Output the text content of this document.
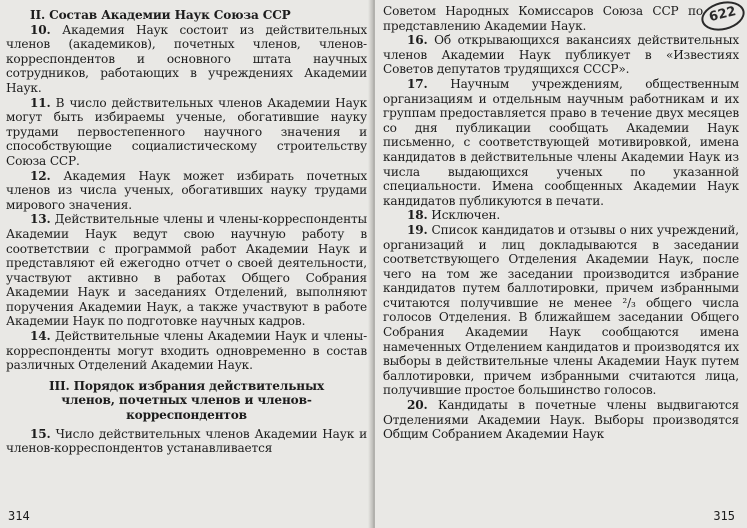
II. Состав Академии Наук Союза ССР

10. Академия Наук состоит из действительных членов (академиков), почетных членов, членов-корреспондентов и основного штата научных сотрудников, работающих в учреждениях Академии Наук.

11. В число действительных членов Академии Наук могут быть избираемы ученые, обогатившие науку трудами первостепенного научного значения и способствующие социалистическому строительству Союза ССР.

12. Академия Наук может избирать почетных членов из числа ученых, обогативших науку трудами мирового значения.

13. Действительные члены и члены-корреспонденты Академии Наук ведут свою научную работу в соответствии с программой работ Академии Наук и представляют ей ежегодно отчет о своей деятельности, участвуют активно в работах Общего Собрания Академии Наук и заседаниях Отделений, выполняют поручения Академии Наук, а также участвуют в работе Академии Наук по подготовке научных кадров.

14. Действительные члены Академии Наук и члены-корреспонденты могут входить одновременно в состав различных Отделений Академии Наук.

III. Порядок избрания действительных

членов, почетных членов и членов-

корреспондентов

15. Число действительных членов Академии Наук и членов-корреспондентов устанавливается

314
622

Советом Народных Комиссаров Союза ССР по представлению Академии Наук.

16. Об открывающихся вакансиях действительных членов Академии Наук публикует в «Известиях Советов депутатов трудящихся СССР».

17. Научным учреждениям, общественным организациям и отдельным научным работникам и их группам предоставляется право в течение двух месяцев со дня публикации сообщать Академии Наук письменно, с соответствующей мотивировкой, имена кандидатов в действительные члены Академии Наук из числа выдающихся ученых по указанной специальности. Имена сообщенных Академии Наук кандидатов публикуются в печати.

18. Исключен.

19. Список кандидатов и отзывы о них учреждений, организаций и лиц докладываются в заседании соответствующего Отделения Академии Наук, после чего на том же заседании производится избрание кандидатов путем баллотировки, причем избранными считаются получившие не менее ²/₃ общего числа голосов Отделения. В ближайшем заседании Общего Собрания Академии Наук сообщаются имена намеченных Отделением кандидатов и производятся их выборы в действительные члены Академии Наук путем баллотировки, причем избранными считаются лица, получившие простое большинство голосов.

20. Кандидаты в почетные члены выдвигаются Отделениями Академии Наук. Выборы производятся Общим Собранием Академии Наук

315
